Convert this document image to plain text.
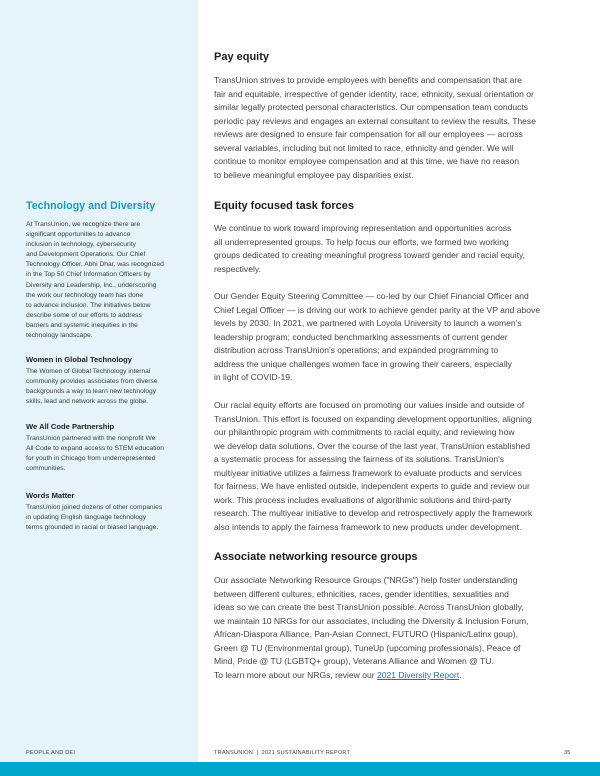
Technology and Diversity
At TransUnion, we recognize there are
significant opportunities to advance
inclusion in technology, cybersecurity
and Development Operations. Our Chief
Technology Officer, Abhi Dhar, was recognized
in the Top 50 Chief Information Officers by
Diversity and Leadership, Inc., underscoring
the work our technology team has done
to advance inclusion. The initiatives below
describe some of our efforts to address
barriers and systemic inequities in the
technology landscape.
Women in Global Technology
The Women of Global Technology internal
community provides associates from diverse
backgrounds a way to learn new technology
skills, lead and network across the globe.
We All Code Partnership
TransUnion partnered with the nonprofit We
All Code to expand access to STEM education
for youth in Chicago from underrepresented
communities.
Words Matter
TransUnion joined dozens of other companies
in updating English language technology
terms grounded in racial or biased language.
PEOPLE AND DEI
Pay equity
TransUnion strives to provide employees with benefits and compensation that are
fair and equitable, irrespective of gender identity, race, ethnicity, sexual orientation or
similar legally protected personal characteristics. Our compensation team conducts
periodic pay reviews and engages an external consultant to review the results. These
reviews are designed to ensure fair compensation for all our employees — across
several variables, including but not limited to race, ethnicity and gender. We will
continue to monitor employee compensation and at this time, we have no reason
to believe meaningful employee pay disparities exist.
Equity focused task forces
We continue to work toward improving representation and opportunities across
all underrepresented groups. To help focus our efforts, we formed two working
groups dedicated to creating meaningful progress toward gender and racial equity,
respectively.
Our Gender Equity Steering Committee — co-led by our Chief Financial Officer and
Chief Legal Officer — is driving our work to achieve gender parity at the VP and above
levels by 2030. In 2021, we partnered with Loyola University to launch a women's
leadership program; conducted benchmarking assessments of current gender
distribution across TransUnion's operations; and expanded programming to
address the unique challenges women face in growing their careers, especially
in light of COVID-19.
Our racial equity efforts are focused on promoting our values inside and outside of
TransUnion. This effort is focused on expanding development opportunities, aligning
our philanthropic program with commitments to racial equity, and reviewing how
we develop data solutions. Over the course of the last year, TransUnion established
a systematic process for assessing the fairness of its solutions. TransUnion's
multiyear initiative utilizes a fairness framework to evaluate products and services
for fairness. We have enlisted outside, independent experts to guide and review our
work. This process includes evaluations of algorithmic solutions and third-party
research. The multiyear initiative to develop and retrospectively apply the framework
also intends to apply the fairness framework to new products under development.
Associate networking resource groups
Our associate Networking Resource Groups ("NRGs") help foster understanding
between different cultures, ethnicities, races, gender identities, sexualities and
ideas so we can create the best TransUnion possible. Across TransUnion globally,
we maintain 10 NRGs for our associates, including the Diversity & Inclusion Forum,
African-Diaspora Alliance, Pan-Asian Connect, FUTURO (Hispanic/Latinx goup),
Green @ TU (Environmental group), TuneUp (upcoming professionals), Peace of
Mind, Pride @ TU (LGBTQ+ group), Veterans Alliance and Women @ TU.
To learn more about our NRGs, review our 2021 Diversity Report.
TRANSUNION  |  2021 SUSTAINABILITY REPORT	35
